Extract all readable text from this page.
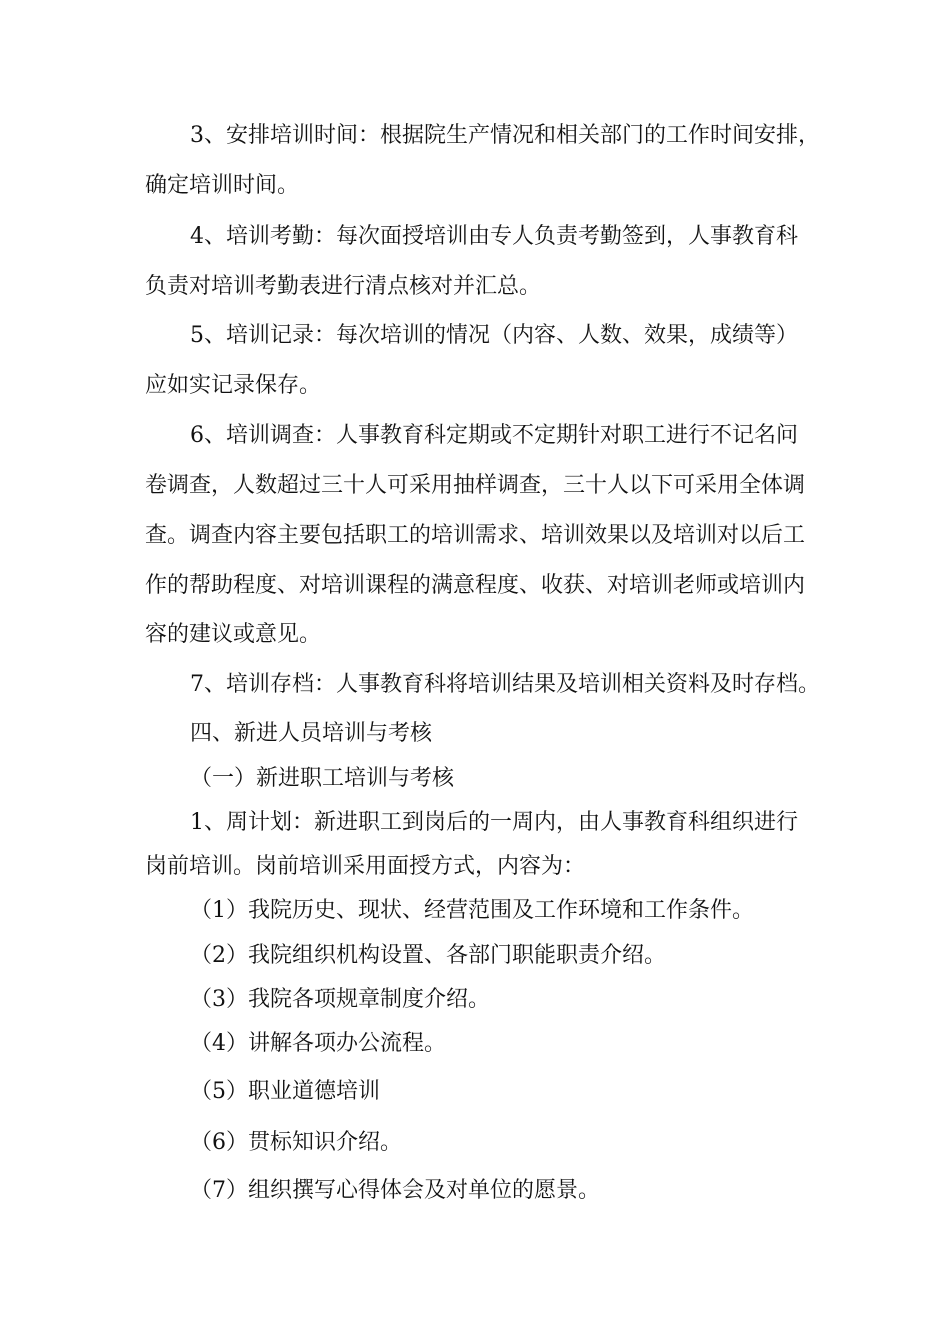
3、安排培训时间：根据院生产情况和相关部门的工作时间安排，
确定培训时间。
4、培训考勤：每次面授培训由专人负责考勤签到，人事教育科
负责对培训考勤表进行清点核对并汇总。
5、培训记录：每次培训的情况（内容、人数、效果，成绩等）
应如实记录保存。
6、培训调查：人事教育科定期或不定期针对职工进行不记名问
卷调查，人数超过三十人可采用抽样调查，三十人以下可采用全体调
查。调查内容主要包括职工的培训需求、培训效果以及培训对以后工
作的帮助程度、对培训课程的满意程度、收获、对培训老师或培训内
容的建议或意见。
7、培训存档：人事教育科将培训结果及培训相关资料及时存档。
四、新进人员培训与考核
（一）新进职工培训与考核
1、周计划：新进职工到岗后的一周内，由人事教育科组织进行
岗前培训。岗前培训采用面授方式，内容为：
（1）我院历史、现状、经营范围及工作环境和工作条件。
（2）我院组织机构设置、各部门职能职责介绍。
（3）我院各项规章制度介绍。
（4）讲解各项办公流程。
（5）职业道德培训
（6）贯标知识介绍。
（7）组织撰写心得体会及对单位的愿景。
